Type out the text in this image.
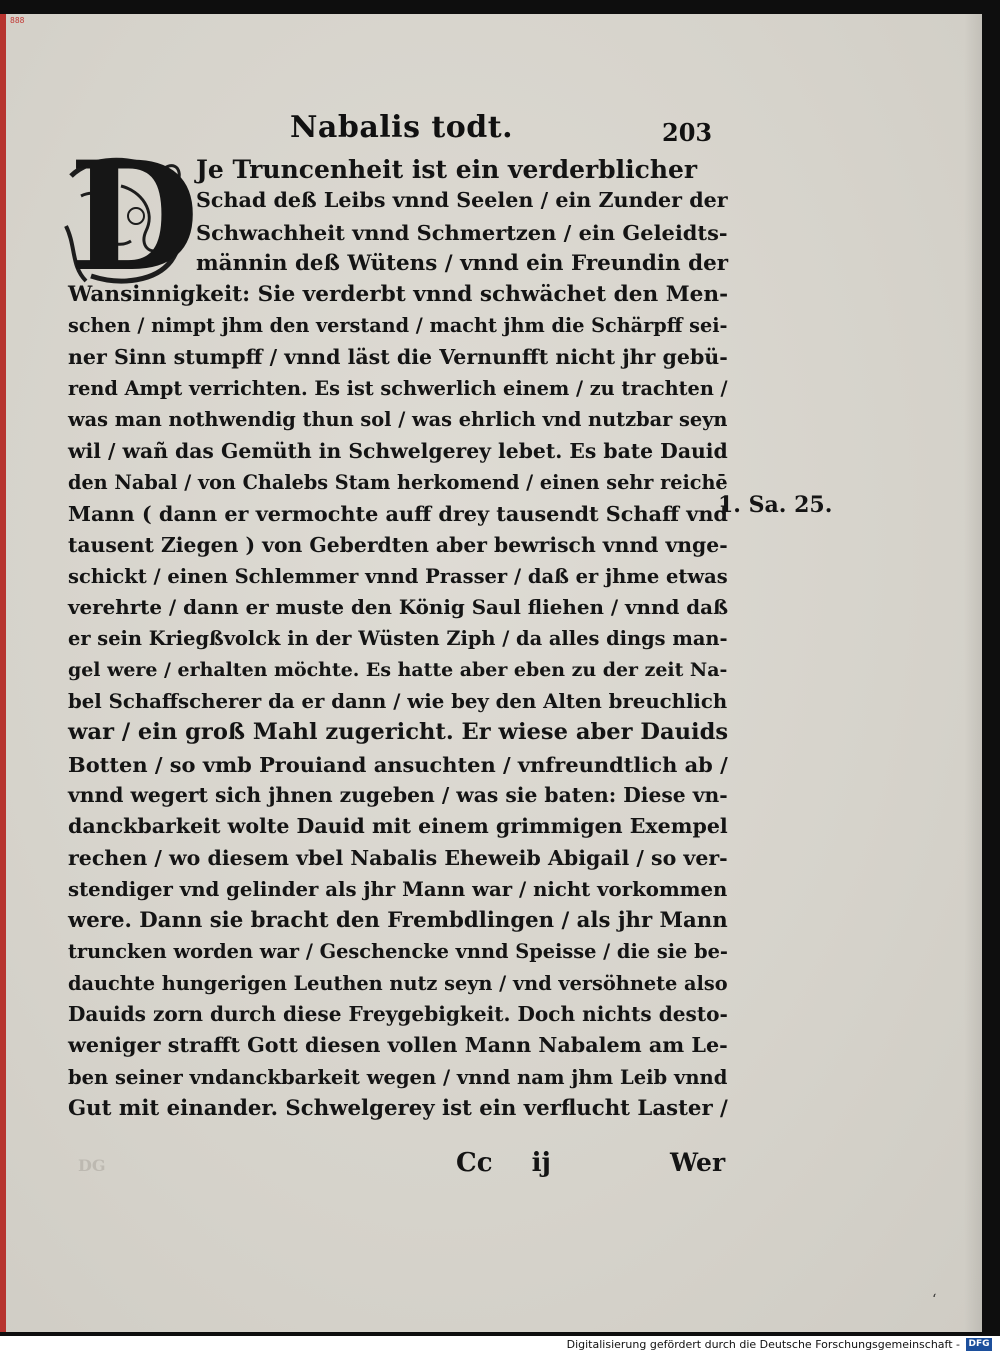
888
Nabalis todt.	203
D
Je Truncenheit ist ein verderblicher
Schad deß Leibs vnnd Seelen / ein Zunder der
Schwachheit vnnd Schmertzen / ein Geleidts-
männin deß Wütens / vnnd ein Freundin der
Wansinnigkeit: Sie verderbt vnnd schwächet den Men-
schen / nimpt jhm den verstand / macht jhm die Schärpff sei-
ner Sinn stumpff / vnnd läst die Vernunfft nicht jhr gebü-
rend Ampt verrichten. Es ist schwerlich einem / zu trachten /
was man nothwendig thun sol / was ehrlich vnd nutzbar seyn
wil / wañ das Gemüth in Schwelgerey lebet. Es bate Dauid
den Nabal / von Chalebs Stam herkomend / einen sehr reichē
Mann ( dann er vermochte auff drey tausendt Schaff vnd
tausent Ziegen ) von Geberdten aber bewrisch vnnd vnge-
schickt / einen Schlemmer vnnd Prasser / daß er jhme etwas
verehrte / dann er muste den König Saul fliehen / vnnd daß
er sein Kriegßvolck in der Wüsten Ziph / da alles dings man-
gel were / erhalten möchte. Es hatte aber eben zu der zeit Na-
bel Schaffscherer da er dann / wie bey den Alten breuchlich
war / ein groß Mahl zugericht. Er wiese aber Dauids
Botten / so vmb Prouiand ansuchten / vnfreundtlich ab /
vnnd wegert sich jhnen zugeben / was sie baten: Diese vn-
danckbarkeit wolte Dauid mit einem grimmigen Exempel
rechen / wo diesem vbel Nabalis Eheweib Abigail / so ver-
stendiger vnd gelinder als jhr Mann war / nicht vorkommen
were. Dann sie bracht den Frembdlingen / als jhr Mann
truncken worden war / Geschencke vnnd Speisse / die sie be-
dauchte hungerigen Leuthen nutz seyn / vnd versöhnete also
Dauids zorn durch diese Freygebigkeit. Doch nichts desto-
weniger strafft Gott diesen vollen Mann Nabalem am Le-
ben seiner vndanckbarkeit wegen / vnnd nam jhm Leib vnnd
Gut mit einander. Schwelgerey ist ein verflucht Laster /
1. Sa. 25.
DG	Cc ij	Wer
‘
Digitalisierung gefördert durch die Deutsche Forschungsgemeinschaft - DFG
